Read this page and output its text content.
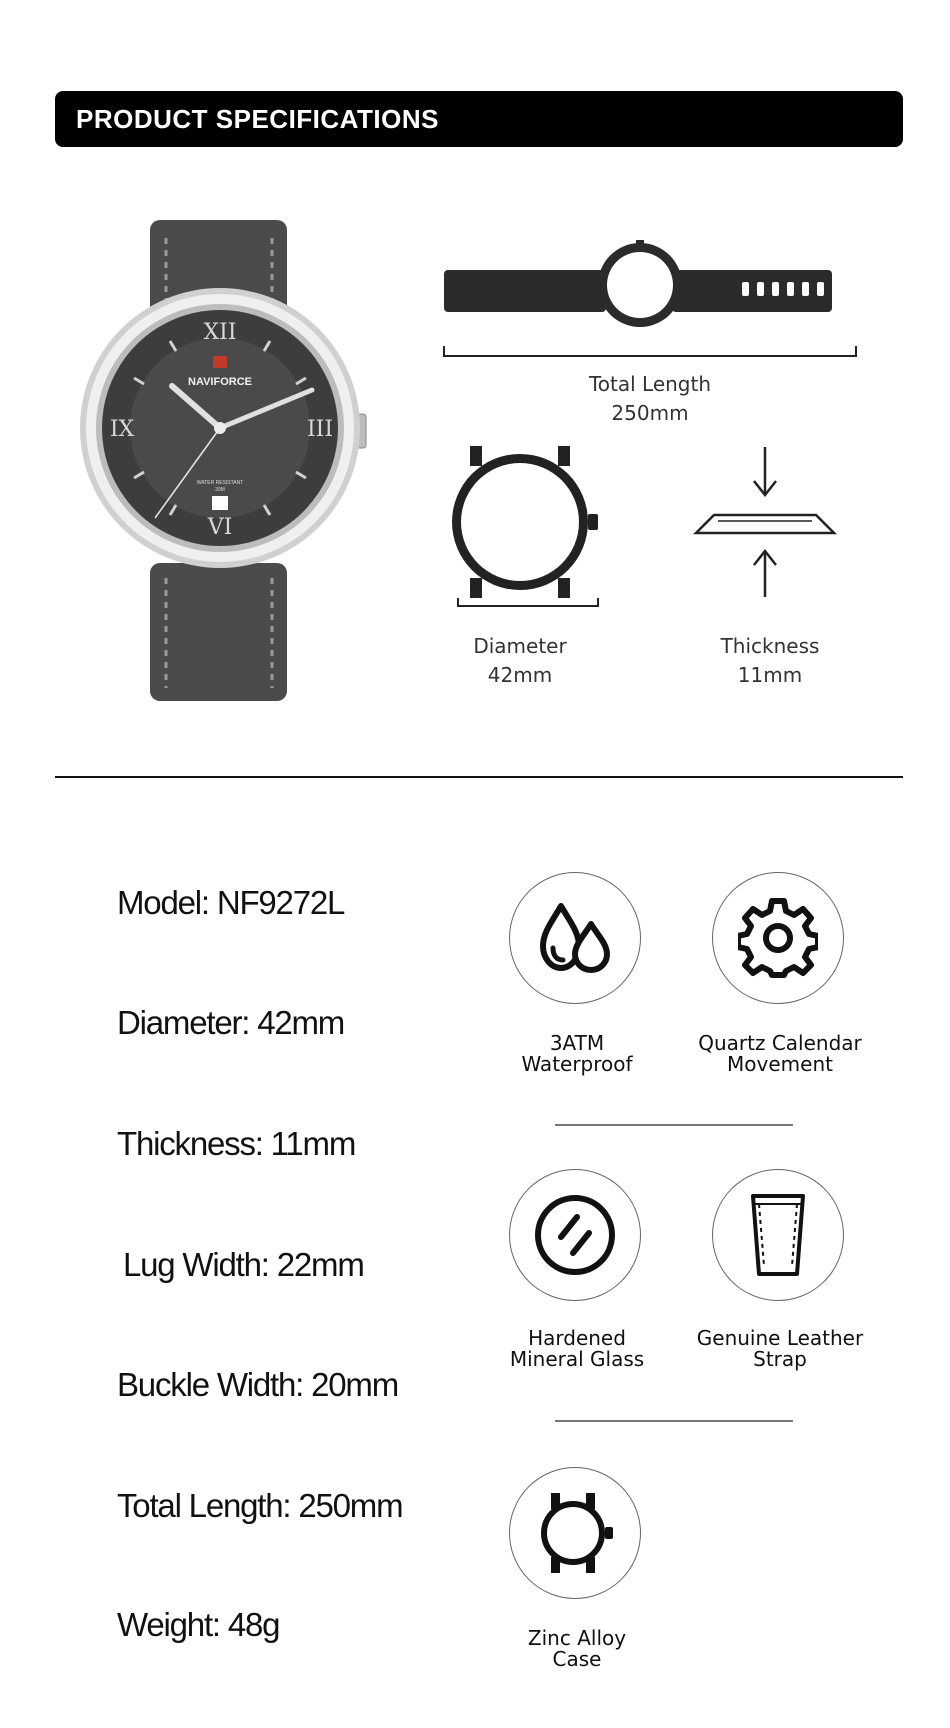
PRODUCT SPECIFICATIONS
XII
VI
IX	III
NAVIFORCE
WATER RESISTANT
30M
Total Length
250mm
Diameter
42mm
Thickness
11mm
Model: NF9272L
Diameter: 42mm
Thickness: 11mm
Lug Width: 22mm
Buckle Width: 20mm
Total Length: 250mm
Weight: 48g
3ATM
Waterproof
Quartz Calendar
Movement
Hardened
Mineral Glass
Genuine Leather
Strap
Zinc Alloy
Case
